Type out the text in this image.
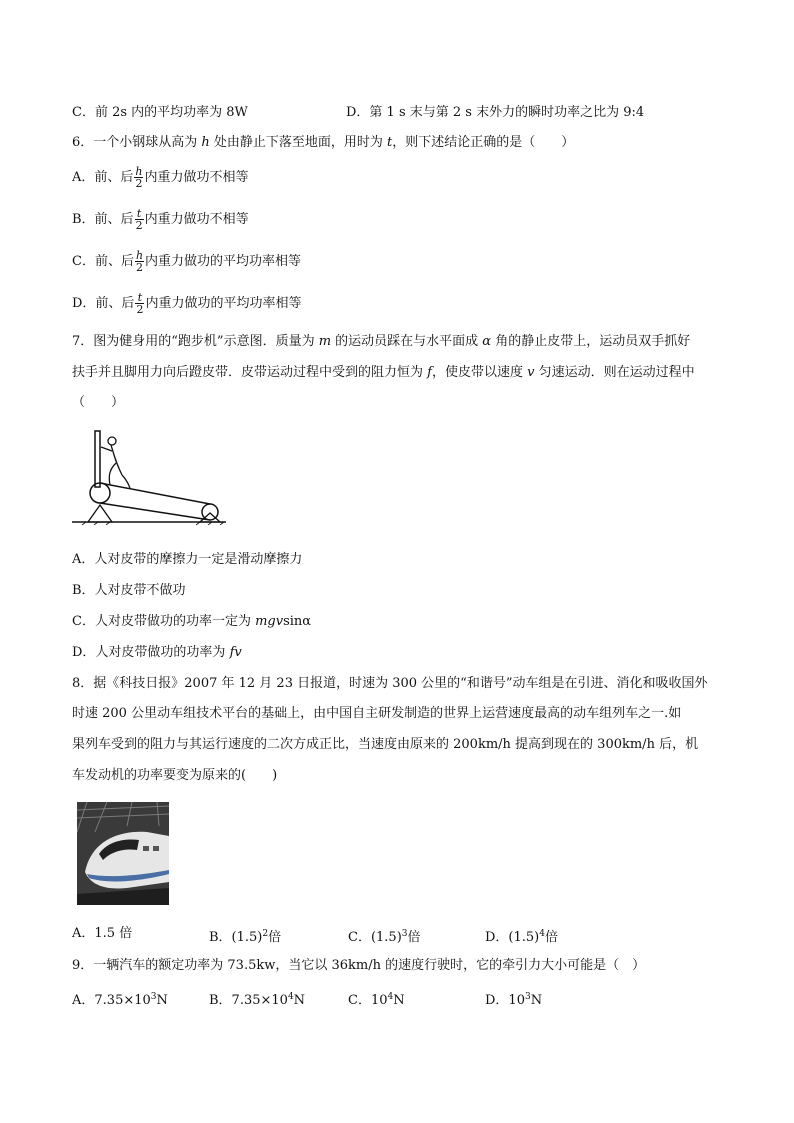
C．前 2s 内的平均功率为 8W	D．第 1 s 末与第 2 s 末外力的瞬时功率之比为 9:4
6．一个小钢球从高为 h 处由静止下落至地面，用时为 t，则下述结论正确的是（　　）
A．前、后 $\frac{h}{2}$ 内重力做功不相等
B．前、后 $\frac{t}{2}$ 内重力做功不相等
C．前、后 $\frac{h}{2}$ 内重力做功的平均功率相等
D．前、后 $\frac{t}{2}$ 内重力做功的平均功率相等
7．图为健身用的“跑步机”示意图．质量为 m 的运动员踩在与水平面成 α 角的静止皮带上，运动员双手抓好
扶手并且脚用力向后蹬皮带．皮带运动过程中受到的阻力恒为 f，使皮带以速度 v 匀速运动．则在运动过程中
（　　）
A．人对皮带的摩擦力一定是滑动摩擦力
B．人对皮带不做功
C．人对皮带做功的功率一定为 mgvsinα
D．人对皮带做功的功率为 fv
8．据《科技日报》2007 年 12 月 23 日报道，时速为 300 公里的“和谐号”动车组是在引进、消化和吸收国外
时速 200 公里动车组技术平台的基础上，由中国自主研发制造的世界上运营速度最高的动车组列车之一.如
果列车受到的阻力与其运行速度的二次方成正比，当速度由原来的 200km/h 提高到现在的 300km/h 后，机
车发动机的功率要变为原来的(　　)
A．1.5 倍	B．$(1.5)^2$倍	C．$(1.5)^3$倍	D．$(1.5)^4$倍
9．一辆汽车的额定功率为 73.5kw，当它以 36km/h 的速度行驶时，它的牵引力大小可能是（　）
A．$7.35\times 10^3N$	B．$7.35\times 10^4N$	C．$10^4N$	D．$10^3N$
